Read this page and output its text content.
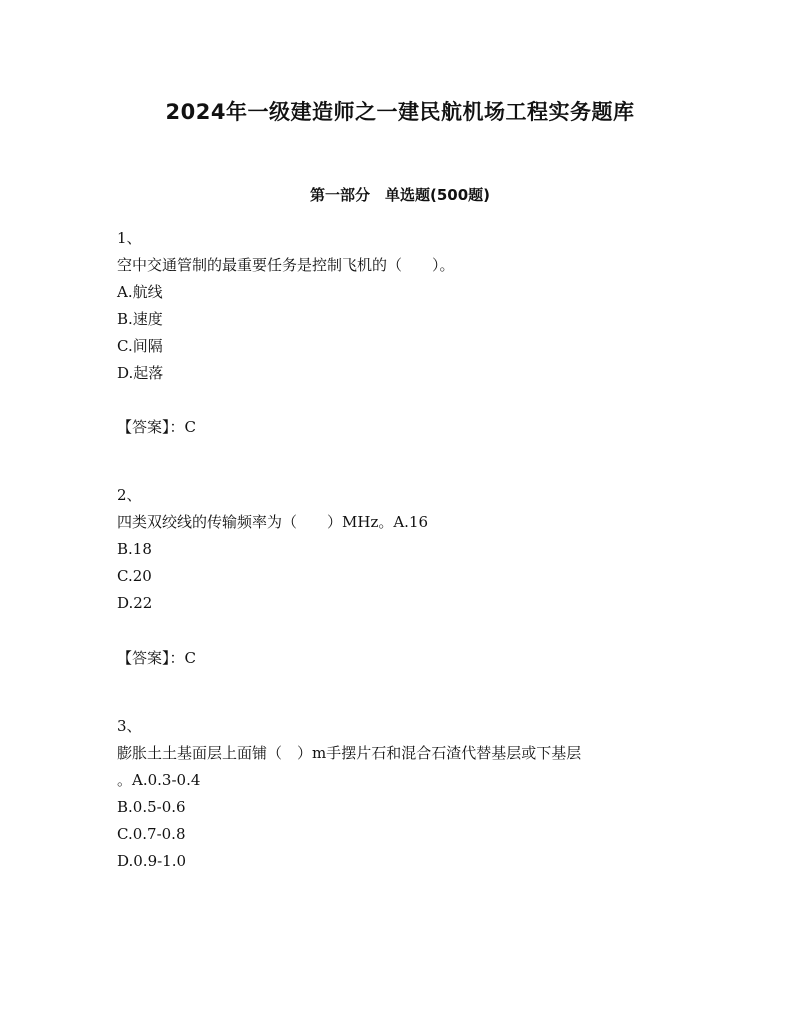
2024年一级建造师之一建民航机场工程实务题库
第一部分　单选题(500题)

1、

空中交通管制的最重要任务是控制飞机的（　　）。

A.航线

B.速度

C.间隔

D.起落

【答案】：C

2、

四类双绞线的传输频率为（　　）MHz。A.16

B.18

C.20

D.22

【答案】：C

3、

膨胀土土基面层上面铺（　）m手摆片石和混合石渣代替基层或下基层

。A.0.3-0.4

B.0.5-0.6

C.0.7-0.8

D.0.9-1.0
